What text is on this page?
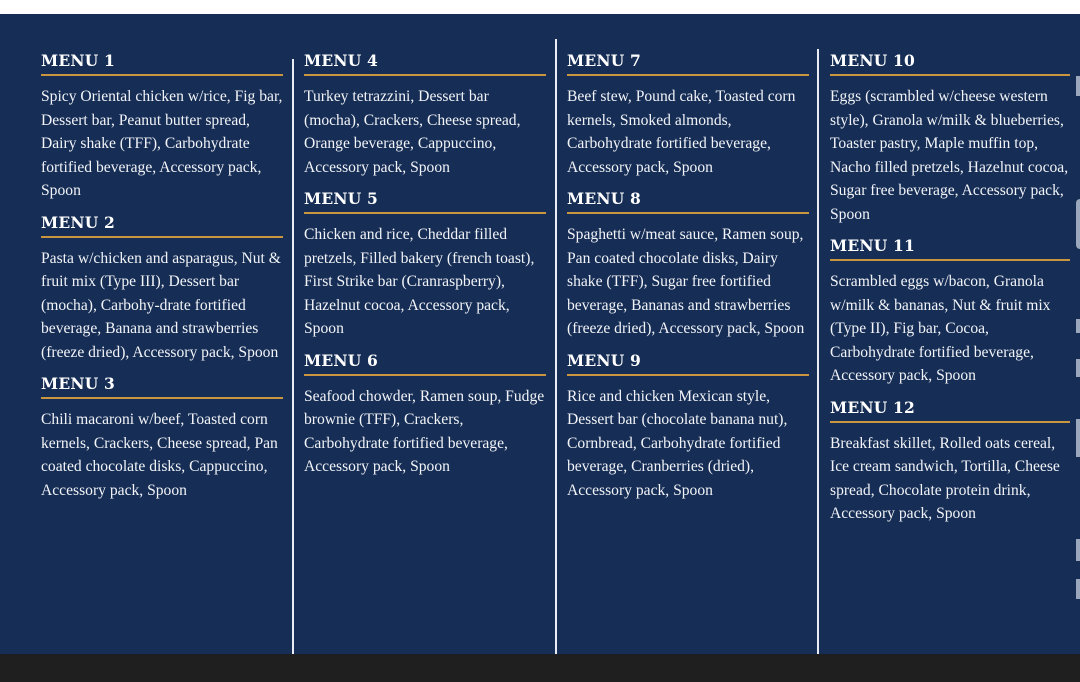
MENU 1
Spicy Oriental chicken w/rice, Fig bar, Dessert bar, Peanut butter spread, Dairy shake (TFF), Carbohydrate fortified beverage, Accessory pack, Spoon
MENU 2
Pasta w/chicken and asparagus, Nut & fruit mix (Type III), Dessert bar (mocha), Carbohy-drate fortified beverage, Banana and strawberries (freeze dried), Accessory pack, Spoon
MENU 3
Chili macaroni w/beef, Toasted corn kernels, Crackers, Cheese spread, Pan coated chocolate disks, Cappuccino, Accessory pack, Spoon
MENU 4
Turkey tetrazzini, Dessert bar (mocha), Crackers, Cheese spread, Orange beverage, Cappuccino, Accessory pack, Spoon
MENU 5
Chicken and rice, Cheddar filled pretzels, Filled bakery (french toast), First Strike bar (Cranraspberry), Hazelnut cocoa, Accessory pack, Spoon
MENU 6
Seafood chowder, Ramen soup, Fudge brownie (TFF), Crackers, Carbohydrate fortified beverage, Accessory pack, Spoon
MENU 7
Beef stew, Pound cake, Toasted corn kernels, Smoked almonds, Carbohydrate fortified beverage, Accessory pack, Spoon
MENU 8
Spaghetti w/meat sauce, Ramen soup, Pan coated chocolate disks, Dairy shake (TFF), Sugar free fortified beverage, Bananas and strawberries (freeze dried), Accessory pack, Spoon
MENU 9
Rice and chicken Mexican style, Dessert bar (chocolate banana nut), Cornbread, Carbohydrate fortified beverage, Cranberries (dried), Accessory pack, Spoon
MENU 10
Eggs (scrambled w/cheese western style), Granola w/milk & blueberries, Toaster pastry, Maple muffin top, Nacho filled pretzels, Hazelnut cocoa, Sugar free beverage, Accessory pack, Spoon
MENU 11
Scrambled eggs w/bacon, Granola w/milk & bananas, Nut & fruit mix (Type II), Fig bar, Cocoa, Carbohydrate fortified beverage, Accessory pack, Spoon
MENU 12
Breakfast skillet, Rolled oats cereal, Ice cream sandwich, Tortilla, Cheese spread, Chocolate protein drink, Accessory pack, Spoon
